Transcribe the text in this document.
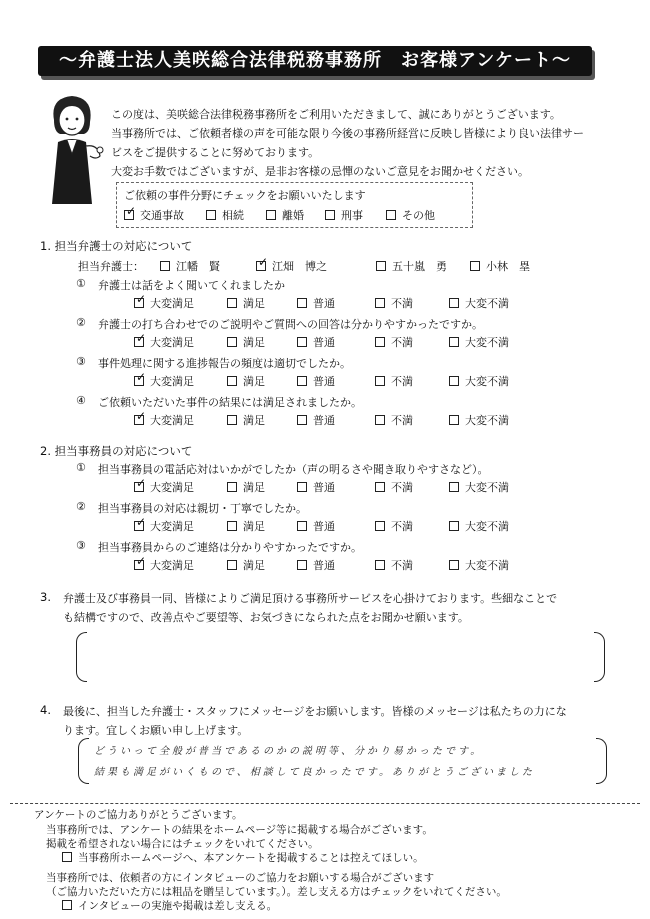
〜弁護士法人美咲総合法律税務事務所　お客様アンケート〜
この度は、美咲総合法律税務事務所をご利用いただきまして、誠にありがとうございます。
当事務所では、ご依頼者様の声を可能な限り今後の事務所経営に反映し皆様により良い法律サー
ビスをご提供することに努めております。
大変お手数ではございますが、是非お客様の忌憚のないご意見をお聞かせください。
ご依頼の事件分野にチェックをお願いいたします
✓交通事故	相続	離婚	刑事	その他
1. 担当弁護士の対応について
担当弁護士：	江幡　賢
✓	江畑　博之	五十嵐　勇	小林　塁
① 弁護士は話をよく聞いてくれましたか
✓大変満足	満足	普通	不満	大変不満
② 弁護士の打ち合わせでのご説明やご質問への回答は分かりやすかったですか。
✓大変満足	満足	普通	不満	大変不満
③ 事件処理に関する進捗報告の頻度は適切でしたか。
✓大変満足	満足	普通	不満	大変不満
④ ご依頼いただいた事件の結果には満足されましたか。
✓大変満足	満足	普通	不満	大変不満
2. 担当事務員の対応について
① 担当事務員の電話応対はいかがでしたか（声の明るさや聞き取りやすさなど）。
✓大変満足	満足	普通	不満	大変不満
② 担当事務員の対応は親切・丁寧でしたか。
✓大変満足	満足	普通	不満	大変不満
③ 担当事務員からのご連絡は分かりやすかったですか。
✓大変満足	満足	普通	不満	大変不満
3. 弁護士及び事務員一同、皆様によりご満足頂ける事務所サービスを心掛けております。些細なことで
も結構ですので、改善点やご要望等、お気づきになられた点をお聞かせ願います。
4. 最後に、担当した弁護士・スタッフにメッセージをお願いします。皆様のメッセージは私たちの力にな
ります。宜しくお願い申し上げます。
どういって全般が普当であるのかの説明等、分かり易かったです。
結果も満足がいくもので、相談して良かったです。ありがとうございました
アンケートのご協力ありがとうございます。
当事務所では、アンケートの結果をホームページ等に掲載する場合がございます。
掲載を希望されない場合にはチェックをいれてください。
当事務所ホームページへ、本アンケートを掲載することは控えてほしい。
当事務所では、依頼者の方にインタビューのご協力をお願いする場合がございます
（ご協力いただいた方には粗品を贈呈しています。）。差し支える方はチェックをいれてください。
インタビューの実施や掲載は差し支える。
